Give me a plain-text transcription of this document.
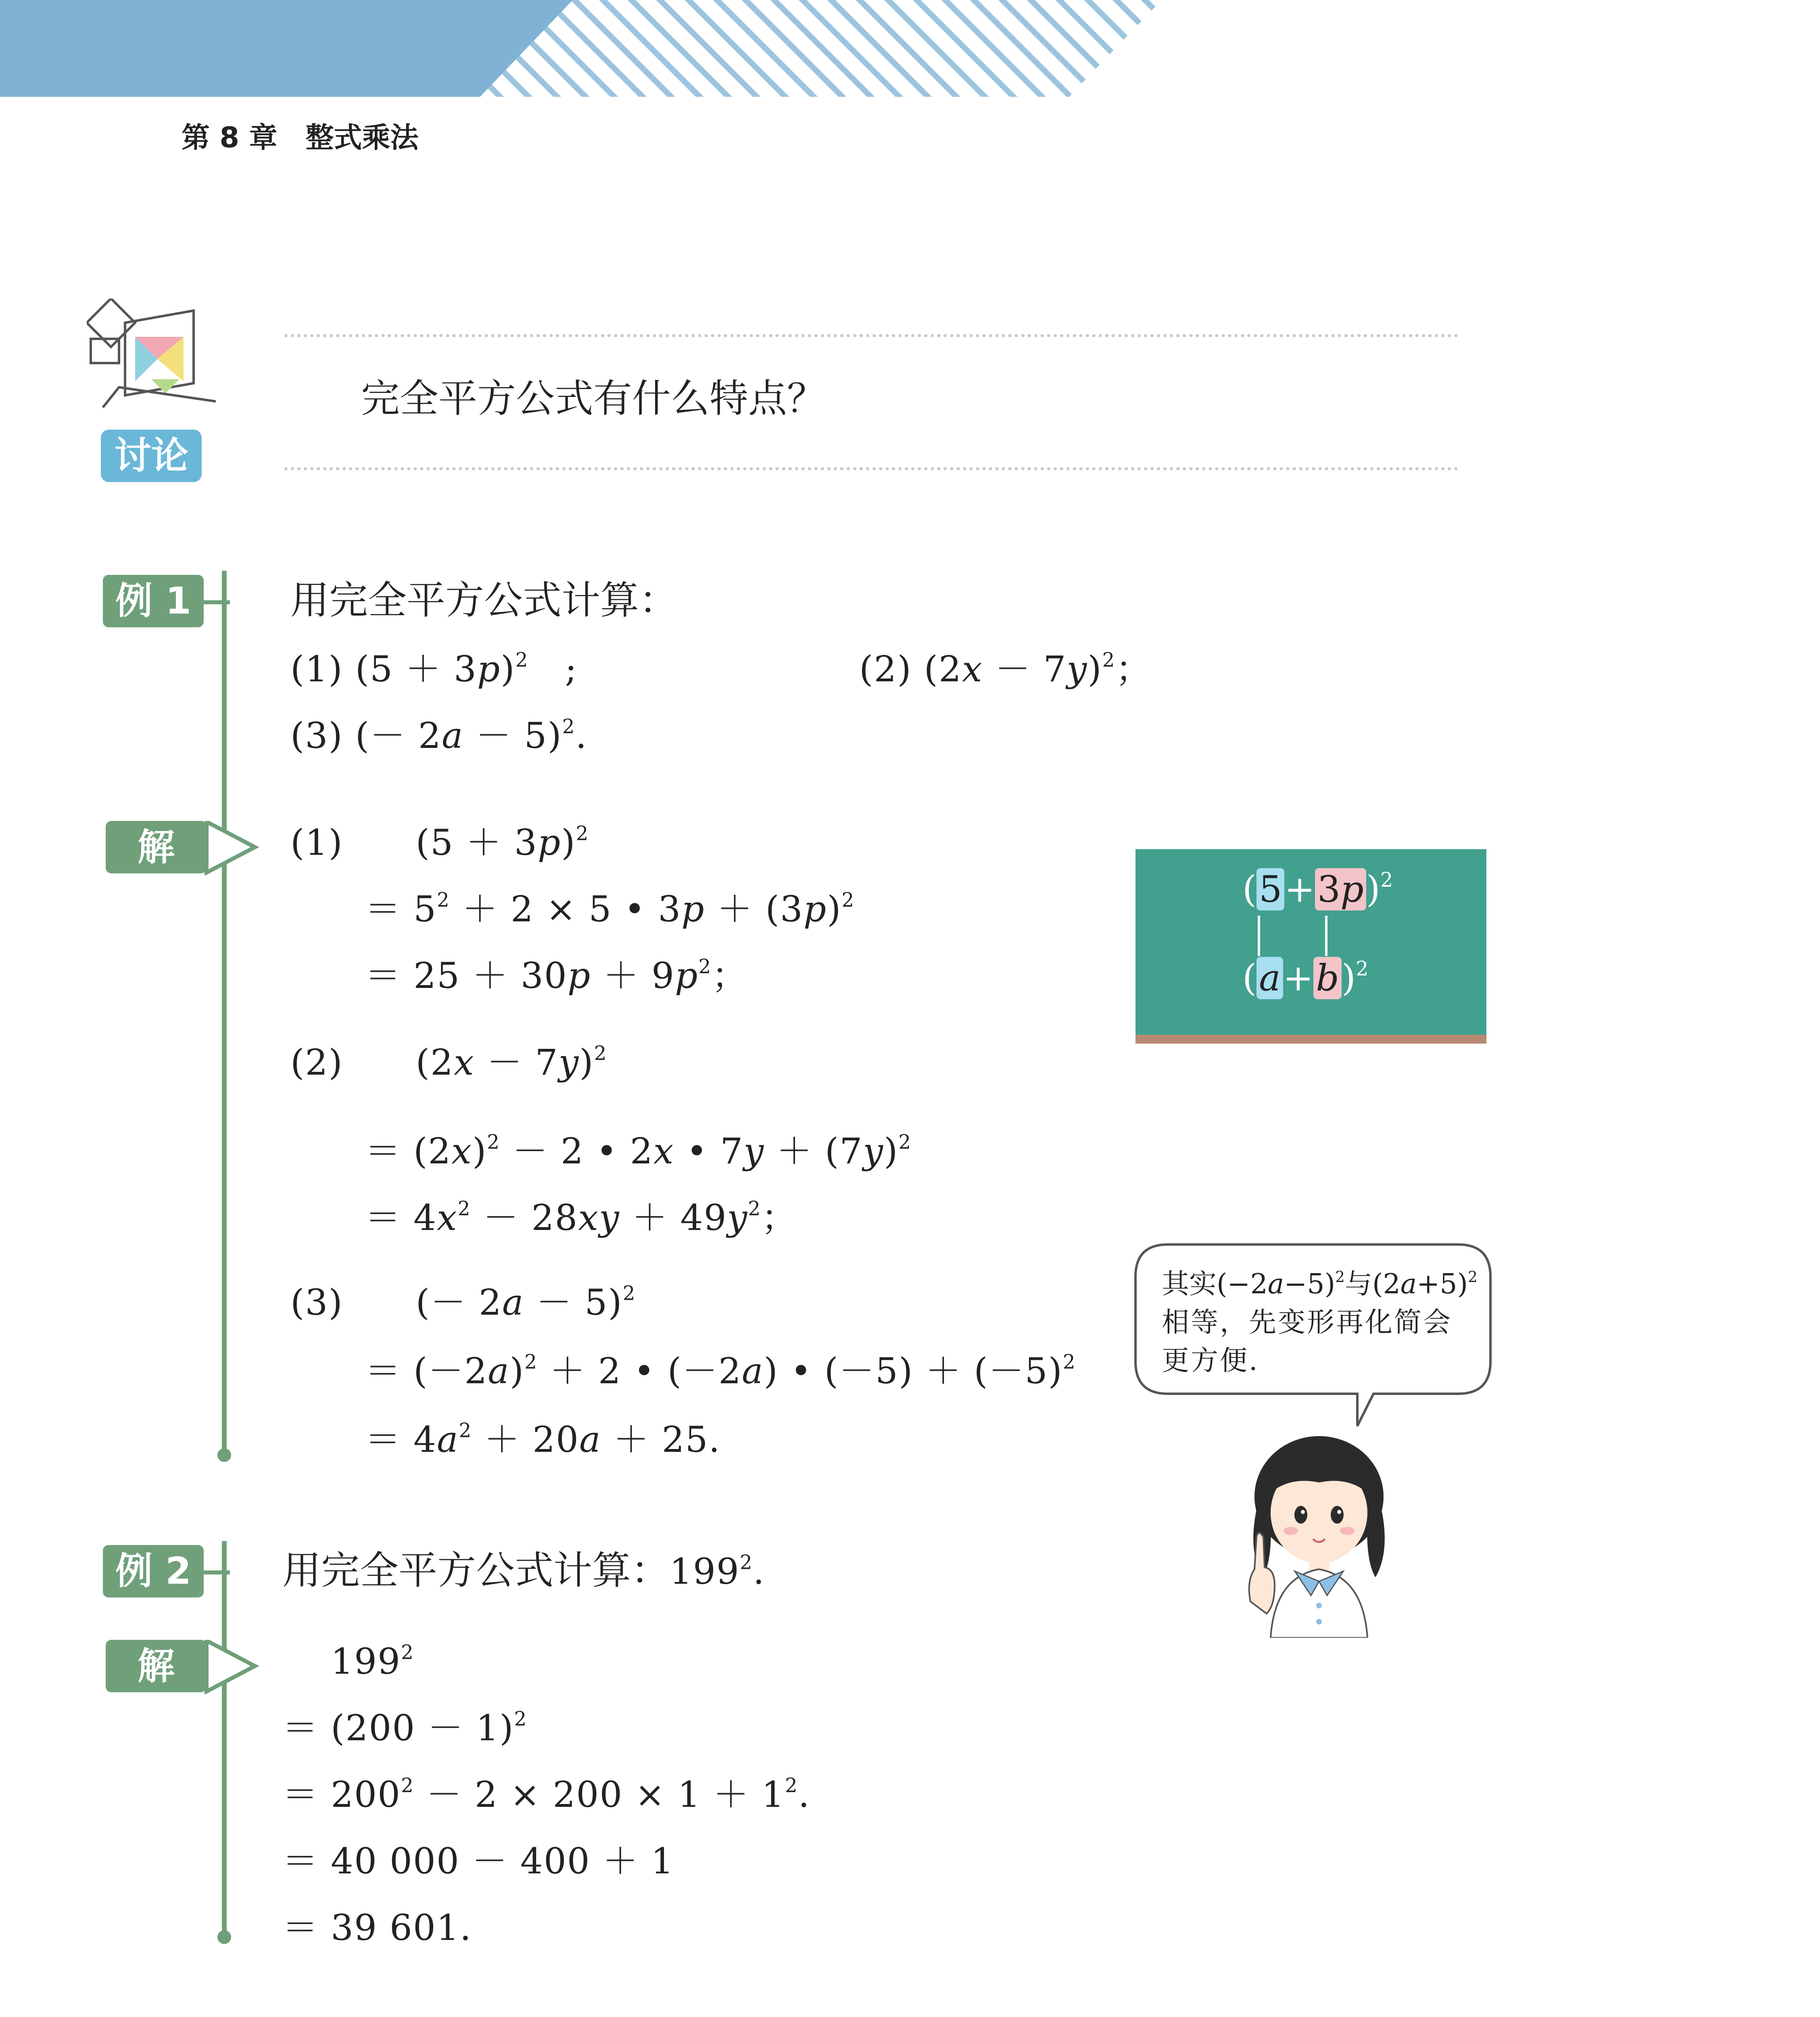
第 8 章　整式乘法
讨论
完全平方公式有什么特点？
例 1	用完全平方公式计算：
(1) $(5 + 3p)^2$　;	(2) $(2x - 7y)^2$；
(3) (－ 2a － 5)$^2$.
解	(1)　　$(5 + 3p)^2$
＝ $5^2 + 2 \times 5$ • $3p + (3p)^2$
＝ $25 + 30p + 9p^2$；
(2)　　$(2x - 7y)^2$
＝ $(2x)^2 - 2$ • 2x • $7y + (7y)^2$
＝ $4x^2 - 28xy + 49y^2$；
(3)　　(－ 2a － 5)$^2$
＝ $(-2a)^2 + 2$ • (－2a) • $(-5) + (-5)^2$
＝ $4a^2 + 20a + 25$.
$(5+3p)^2$
$(a+b)^2$
其实$(-2a-5)^2$与$(2a+5)^2$
相等，先变形再化简会
更方便.
例 2	用完全平方公式计算：$199^2$.
解	$199^2$
＝ $(200 - 1)^2$
＝ $200^2 - 2 \times 200 \times 1 + 1^2$.
＝ 40 000 － 400 ＋ 1
＝ 39 601.
